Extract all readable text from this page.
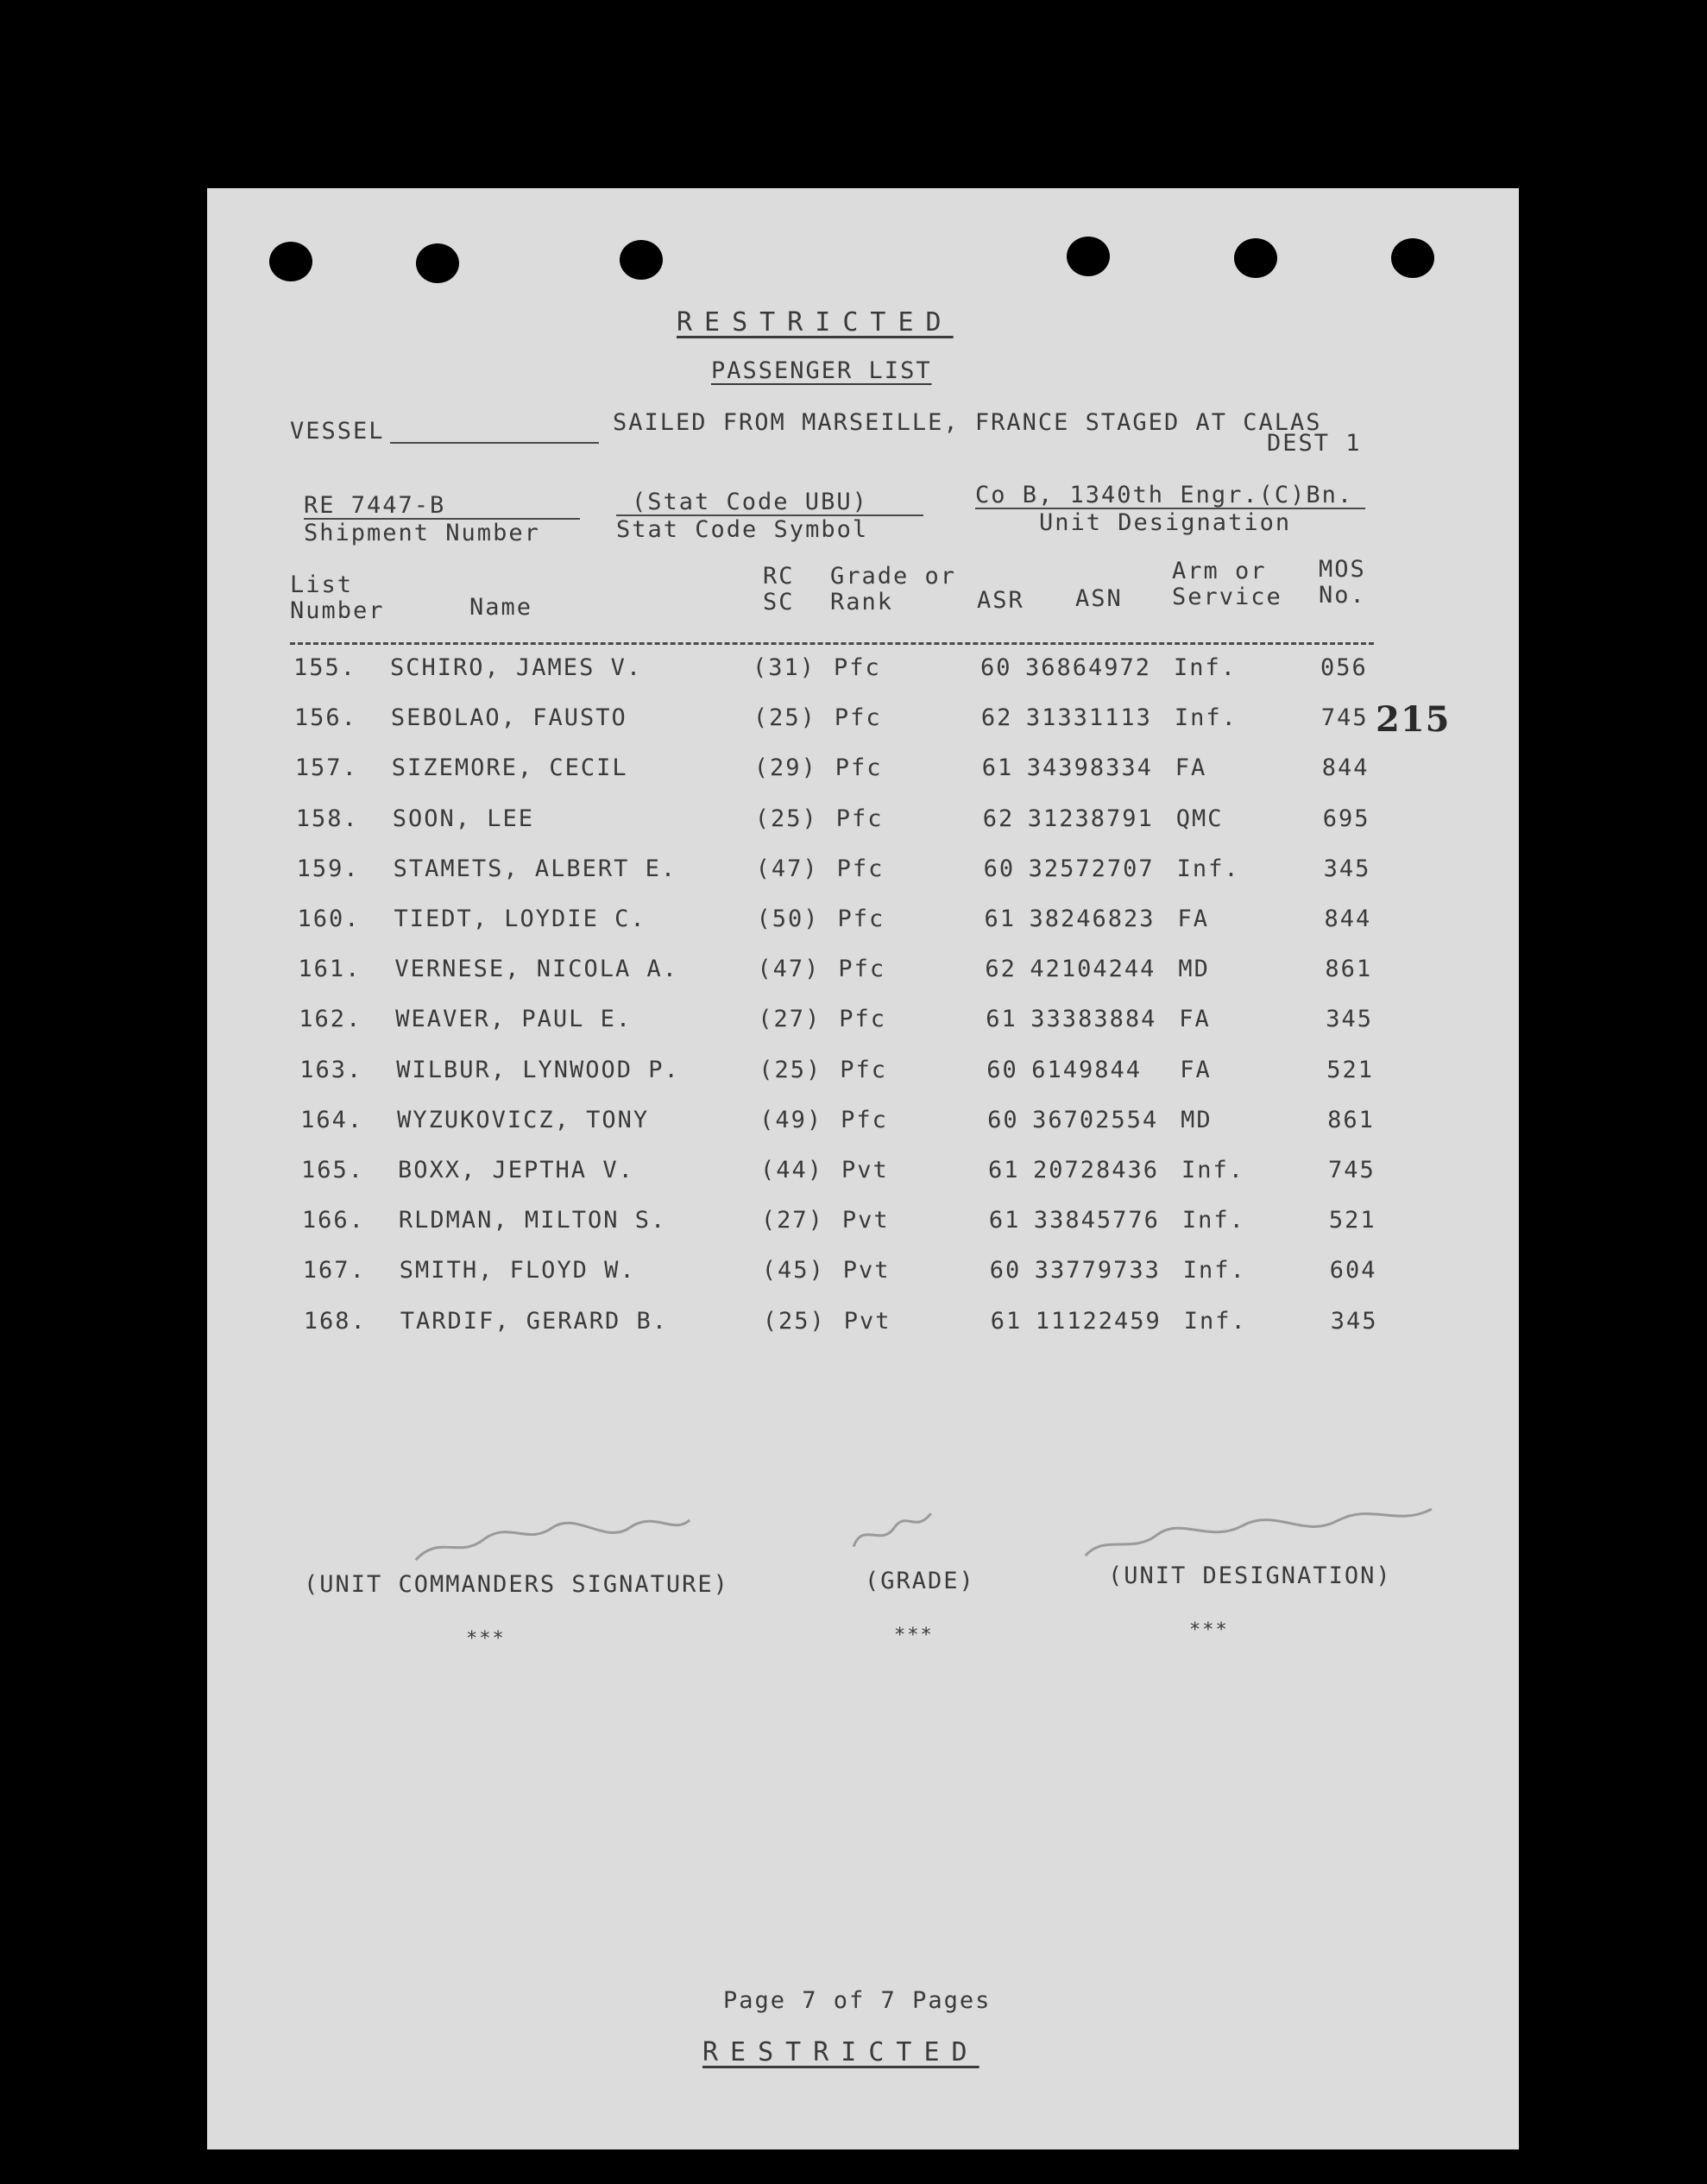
RESTRICTED
PASSENGER LIST
VESSEL	SAILED FROM MARSEILLE, FRANCE STAGED AT CALAS
DEST 1
RE 7447-B
Shipment Number
(Stat Code UBU)
Stat Code Symbol
Co B, 1340th Engr.(C)Bn.
Unit Designation
List
Number	Name
RC
SC
Grade or
Rank	ASR ASN
Arm or
Service
MOS
No.
155. SCHIRO, JAMES V.	(31) Pfc	60 36864972 Inf.	056
156. SEBOLAO, FAUSTO	(25) Pfc	62 31331113 Inf.	745
157. SIZEMORE, CECIL	(29) Pfc	61 34398334 FA	844
158. SOON, LEE	(25) Pfc	62 31238791 QMC	695
159. STAMETS, ALBERT E.	(47) Pfc	60 32572707 Inf.	345
160. TIEDT, LOYDIE C.	(50) Pfc	61 38246823 FA	844
161. VERNESE, NICOLA A.	(47) Pfc	62 42104244 MD	861
162. WEAVER, PAUL E.	(27) Pfc	61 33383884 FA	345
163. WILBUR, LYNWOOD P.	(25) Pfc	60 6149844 FA	521
164. WYZUKOVICZ, TONY	(49) Pfc	60 36702554 MD	861
165. BOXX, JEPTHA V.	(44) Pvt	61 20728436 Inf.	745
166. RLDMAN, MILTON S.	(27) Pvt	61 33845776 Inf.	521
167. SMITH, FLOYD W.	(45) Pvt	60 33779733 Inf.	604
168. TARDIF, GERARD B.	(25) Pvt	61 11122459 Inf.	345
215
(UNIT COMMANDERS SIGNATURE)	(GRADE)	(UNIT DESIGNATION)
***	***	***
Page 7 of 7 Pages
RESTRICTED
